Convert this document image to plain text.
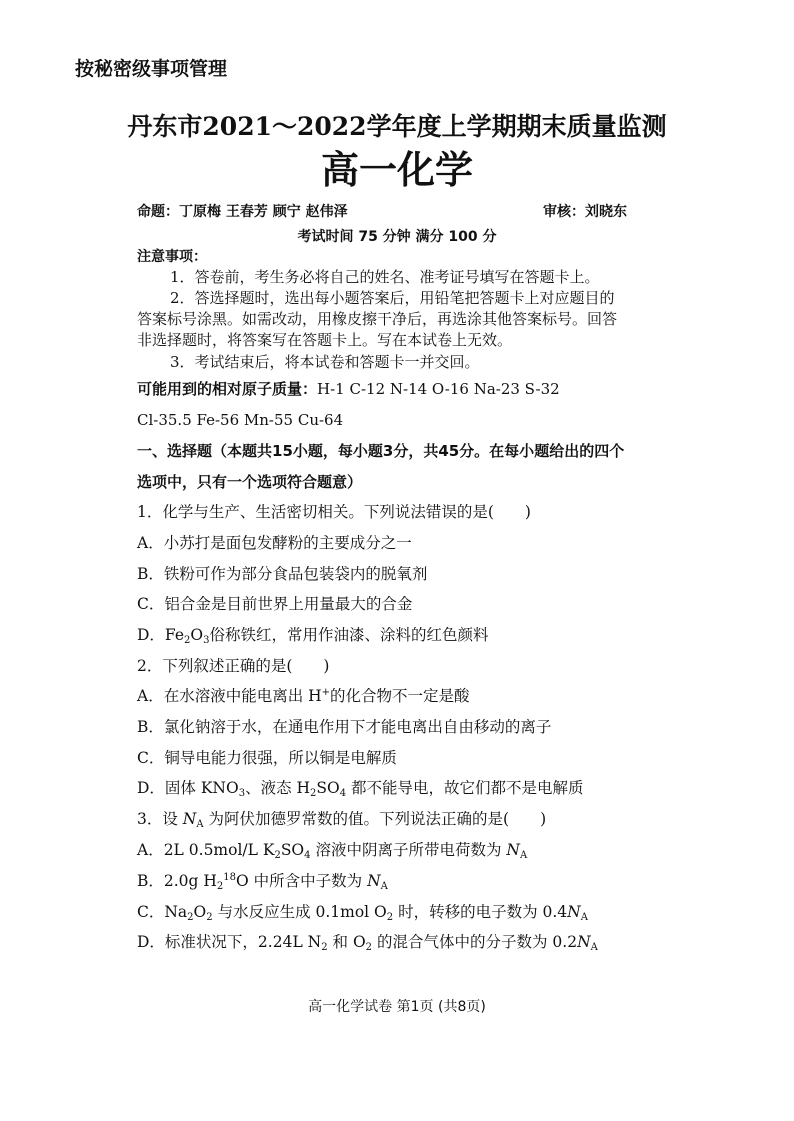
按秘密级事项管理
丹东市2021～2022学年度上学期期末质量监测
高一化学
命题：丁原梅 王春芳 顾宁 赵伟泽	审核：刘晓东
考试时间 75 分钟 满分 100 分
注意事项：
1．答卷前，考生务必将自己的姓名、准考证号填写在答题卡上。
2．答选择题时，选出每小题答案后，用铅笔把答题卡上对应题目的
答案标号涂黑。如需改动，用橡皮擦干净后，再选涂其他答案标号。回答
非选择题时，将答案写在答题卡上。写在本试卷上无效。
3．考试结束后，将本试卷和答题卡一并交回。
可能用到的相对原子质量：H-1 C-12 N-14 O-16 Na-23 S-32
Cl-35.5 Fe-56 Mn-55 Cu-64
一、选择题（本题共15小题，每小题3分，共45分。在每小题给出的四个
选项中，只有一个选项符合题意）
1．化学与生产、生活密切相关。下列说法错误的是(　　)
A．小苏打是面包发酵粉的主要成分之一
B．铁粉可作为部分食品包装袋内的脱氧剂
C．铝合金是目前世界上用量最大的合金
D．$Fe_2O_3$俗称铁红，常用作油漆、涂料的红色颜料
2．下列叙述正确的是(　　)
A．在水溶液中能电离出 H+的化合物不一定是酸
B．氯化钠溶于水，在通电作用下才能电离出自由移动的离子
C．铜导电能力很强，所以铜是电解质
D．固体 $KNO_3$、液态 $H_2SO_4$ 都不能导电，故它们都不是电解质
3．设 $N_A$ 为阿伏加德罗常数的值。下列说法正确的是(　　)
A．2L 0.5mol/L $K_2SO_4$ 溶液中阴离子所带电荷数为 $N_A$
B．2.0g $H_2^{18}O$ 中所含中子数为 $N_A$
C．$Na_2O_2$ 与水反应生成 0.1mol $O_2$ 时，转移的电子数为 $0.4N_A$
D．标准状况下，2.24L $N_2$ 和 $O_2$ 的混合气体中的分子数为 $0.2N_A$
高一化学试卷 第1页 (共8页)
